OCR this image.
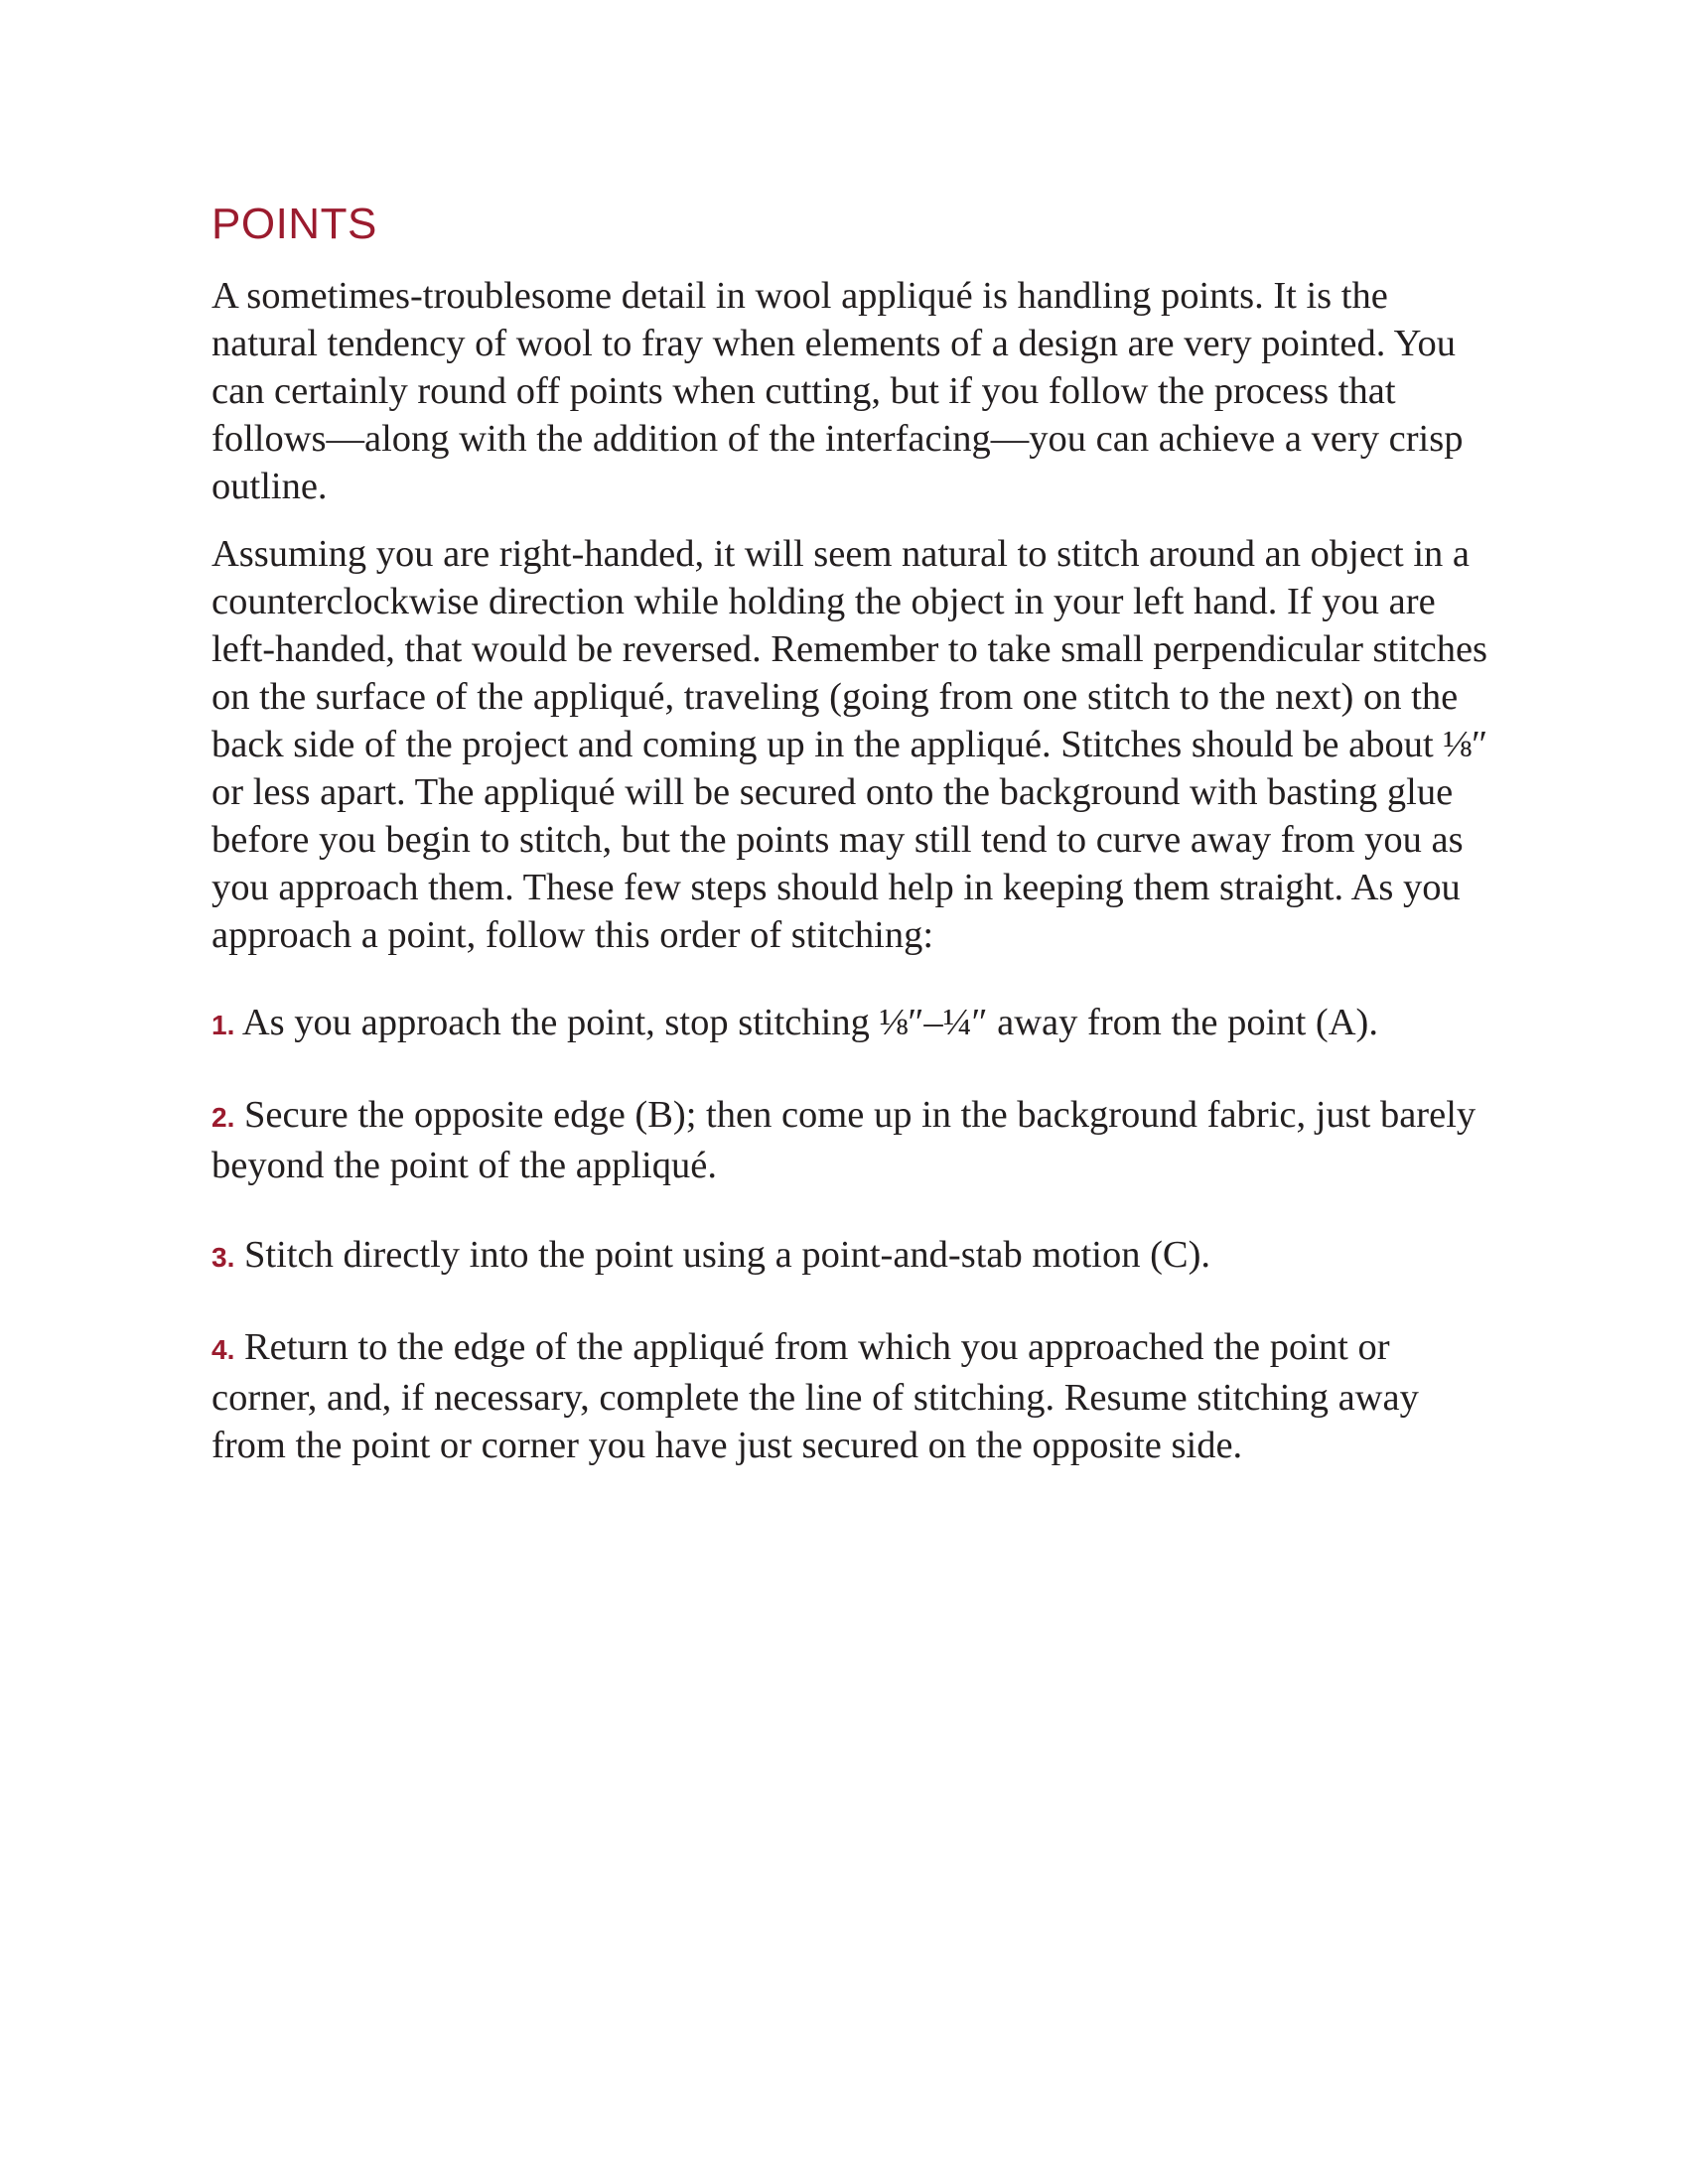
POINTS

A sometimes-troublesome detail in wool appliqué is handling points. It is the natural tendency of wool to fray when elements of a design are very pointed. You can certainly round off points when cutting, but if you follow the process that follows—along with the addition of the interfacing—you can achieve a very crisp outline.

Assuming you are right-handed, it will seem natural to stitch around an object in a counterclockwise direction while holding the object in your left hand. If you are left-handed, that would be reversed. Remember to take small perpendicular stitches on the surface of the appliqué, traveling (going from one stitch to the next) on the back side of the project and coming up in the appliqué. Stitches should be about ⅛″ or less apart. The appliqué will be secured onto the background with basting glue before you begin to stitch, but the points may still tend to curve away from you as you approach them. These few steps should help in keeping them straight. As you approach a point, follow this order of stitching:

1. As you approach the point, stop stitching ⅛″–¼″ away from the point (A).

2. Secure the opposite edge (B); then come up in the background fabric, just barely beyond the point of the appliqué.

3. Stitch directly into the point using a point-and-stab motion (C).

4. Return to the edge of the appliqué from which you approached the point or corner, and, if necessary, complete the line of stitching. Resume stitching away from the point or corner you have just secured on the opposite side.
